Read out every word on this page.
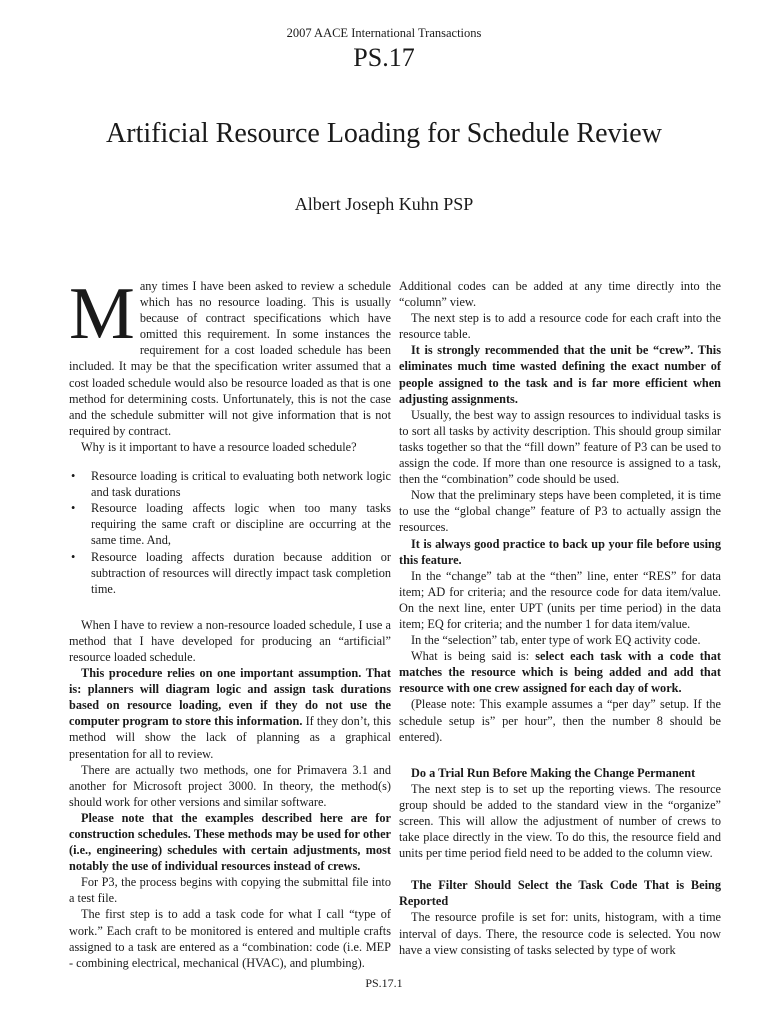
2007 AACE International Transactions
PS.17
Artificial Resource Loading for Schedule Review
Albert Joseph Kuhn PSP

Many times I have been asked to review a schedule which has no resource loading. This is usually because of contract specifications which have omitted this requirement. In some instances the requirement for a cost loaded schedule has been included. It may be that the specification writer assumed that a cost loaded schedule would also be resource loaded as that is one method for determining costs. Unfortunately, this is not the case and the schedule submitter will not give information that is not required by contract.

Why is it important to have a resource loaded schedule?

• Resource loading is critical to evaluating both network logic and task durations
• Resource loading affects logic when too many tasks requiring the same craft or discipline are occurring at the same time. And,
• Resource loading affects duration because addition or subtraction of resources will directly impact task completion time.

When I have to review a non-resource loaded schedule, I use a method that I have developed for producing an “artificial” resource loaded schedule.

This procedure relies on one important assumption. That is: planners will diagram logic and assign task durations based on resource loading, even if they do not use the computer program to store this information. If they don’t, this method will show the lack of planning as a graphical presentation for all to review.

There are actually two methods, one for Primavera 3.1 and another for Microsoft project 3000. In theory, the method(s) should work for other versions and similar software.

Please note that the examples described here are for construction schedules. These methods may be used for other (i.e., engineering) schedules with certain adjustments, most notably the use of individual resources instead of crews.

For P3, the process begins with copying the submittal file into a test file.

The first step is to add a task code for what I call “type of work.” Each craft to be monitored is entered and multiple crafts assigned to a task are entered as a “combination: code (i.e. MEP - combining electrical, mechanical (HVAC), and plumbing).

Additional codes can be added at any time directly into the “column” view.

The next step is to add a resource code for each craft into the resource table.

It is strongly recommended that the unit be “crew”. This eliminates much time wasted defining the exact number of people assigned to the task and is far more efficient when adjusting assignments.

Usually, the best way to assign resources to individual tasks is to sort all tasks by activity description. This should group similar tasks together so that the “fill down” feature of P3 can be used to assign the code. If more than one resource is assigned to a task, then the “combination” code should be used.

Now that the preliminary steps have been completed, it is time to use the “global change” feature of P3 to actually assign the resources.

It is always good practice to back up your file before using this feature.

In the “change” tab at the “then” line, enter “RES” for data item; AD for criteria; and the resource code for data item/value. On the next line, enter UPT (units per time period) in the data item; EQ for criteria; and the number 1 for data item/value.

In the “selection” tab, enter type of work EQ activity code.

What is being said is: select each task with a code that matches the resource which is being added and add that resource with one crew assigned for each day of work.

(Please note: This example assumes a “per day” setup. If the schedule setup is” per hour”, then the number 8 should be entered).

Do a Trial Run Before Making the Change Permanent

The next step is to set up the reporting views. The resource group should be added to the standard view in the “organize” screen. This will allow the adjustment of number of crews to take place directly in the view. To do this, the resource field and units per time period field need to be added to the column view.

The Filter Should Select the Task Code That is Being Reported

The resource profile is set for: units, histogram, with a time interval of days. There, the resource code is selected. You now have a view consisting of tasks selected by type of work

PS.17.1
